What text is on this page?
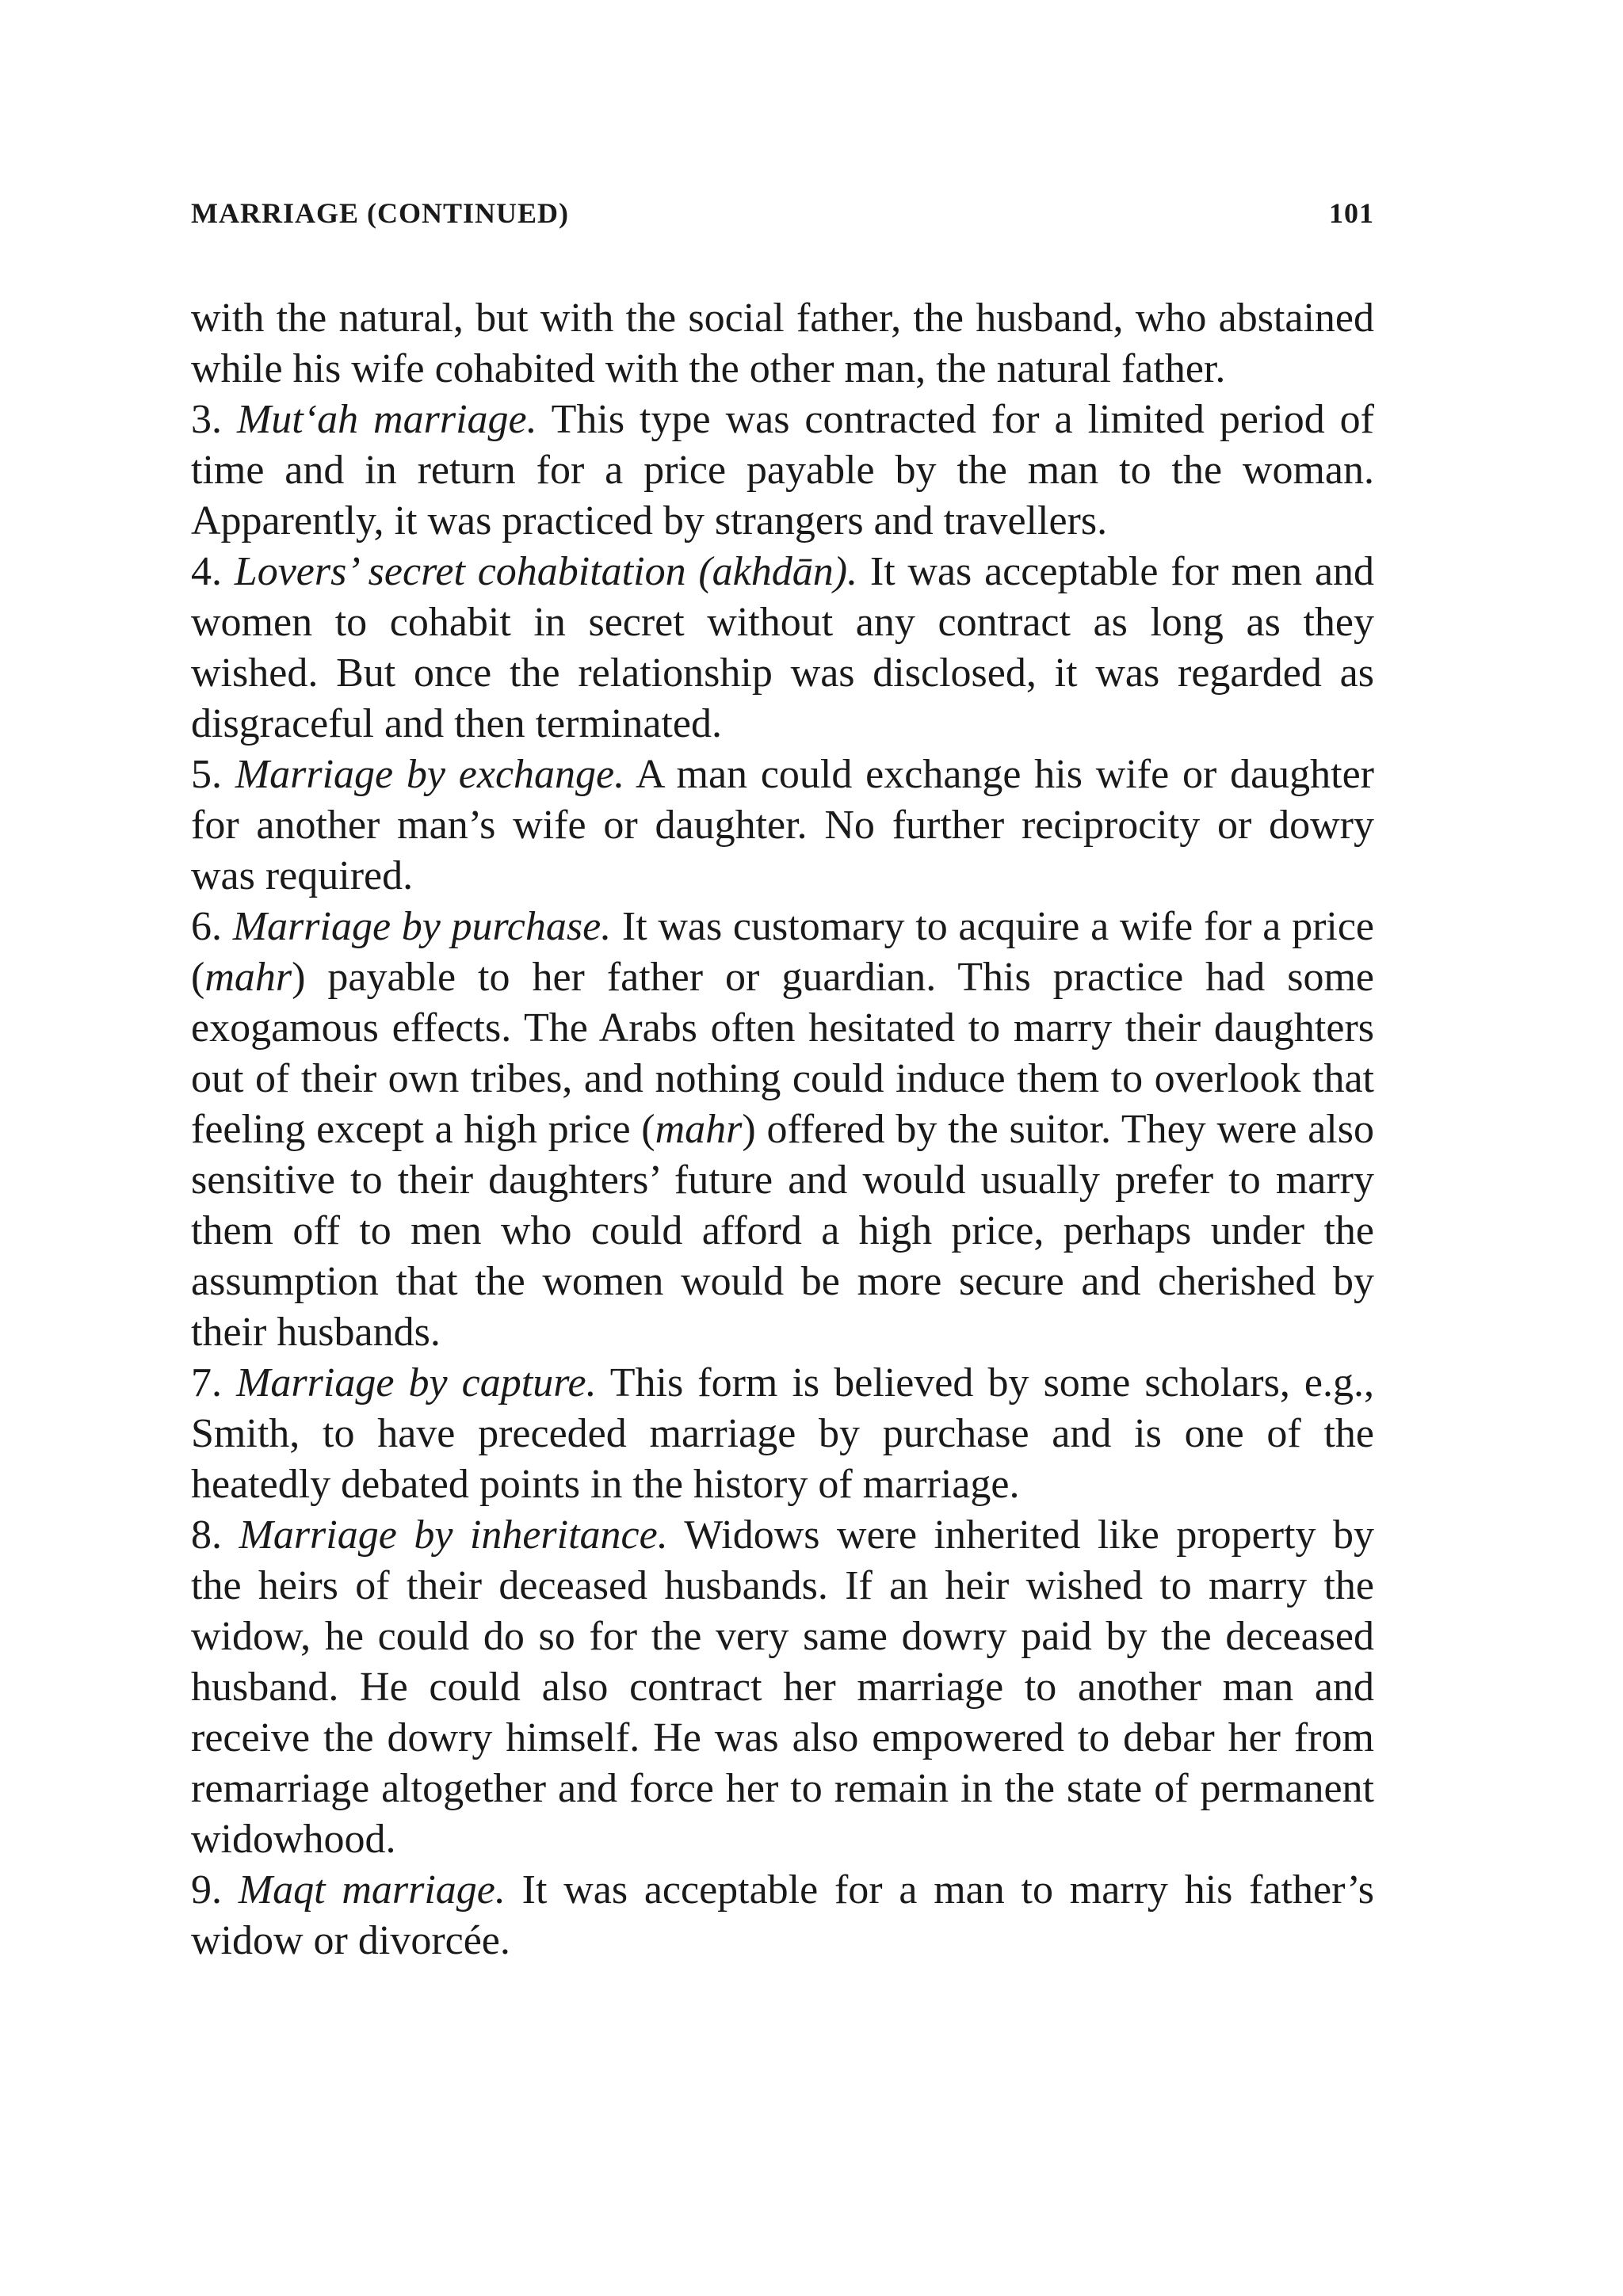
MARRIAGE (CONTINUED)	101

with the natural, but with the social father, the husband, who abstained while his wife cohabited with the other man, the natural father.

3. Mut‘ah marriage. This type was contracted for a limited period of time and in return for a price payable by the man to the woman. Apparently, it was practiced by strangers and travellers.

4. Lovers’ secret cohabitation (akhdān). It was acceptable for men and women to cohabit in secret without any contract as long as they wished. But once the relationship was disclosed, it was regarded as disgraceful and then terminated.

5. Marriage by exchange. A man could exchange his wife or daughter for another man’s wife or daughter. No further reciprocity or dowry was required.

6. Marriage by purchase. It was customary to acquire a wife for a price (mahr) payable to her father or guardian. This practice had some exogamous effects. The Arabs often hesitated to marry their daughters out of their own tribes, and nothing could induce them to overlook that feeling except a high price (mahr) offered by the suitor. They were also sensitive to their daughters’ future and would usually prefer to marry them off to men who could afford a high price, perhaps under the assumption that the women would be more secure and cherished by their husbands.

7. Marriage by capture. This form is believed by some scholars, e.g., Smith, to have preceded marriage by purchase and is one of the heatedly debated points in the history of marriage.

8. Marriage by inheritance. Widows were inherited like property by the heirs of their deceased husbands. If an heir wished to marry the widow, he could do so for the very same dowry paid by the deceased husband. He could also contract her marriage to another man and receive the dowry himself. He was also empowered to debar her from remarriage altogether and force her to remain in the state of permanent widowhood.

9. Maqt marriage. It was acceptable for a man to marry his father’s widow or divorcée.
